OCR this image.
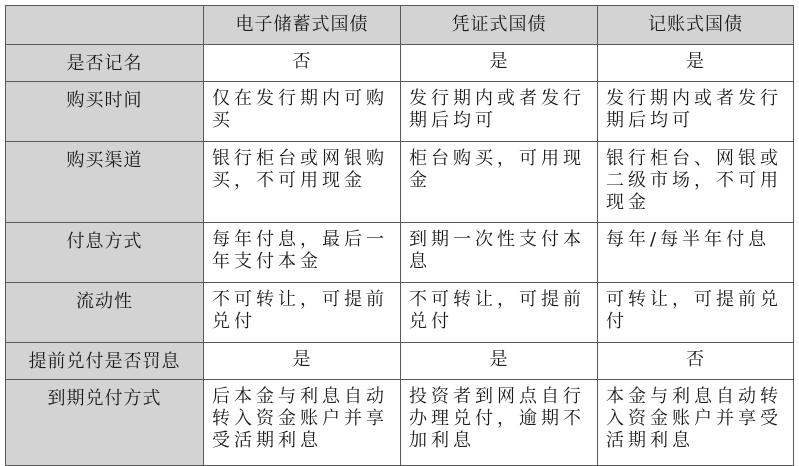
	电子储蓄式国债	凭证式国债	记账式国债
是否记名	否	是	是
购买时间	仅在发行期内可购买	发行期内或者发行期后均可	发行期内或者发行期后均可
购买渠道	银行柜台或网银购买，不可用现金	柜台购买，可用现金	银行柜台、网银或二级市场，不可用现金
付息方式	每年付息，最后一年支付本金	到期一次性支付本息	每年/每半年付息
流动性	不可转让，可提前兑付	不可转让，可提前兑付	可转让，可提前兑付
提前兑付是否罚息	是	是	否
到期兑付方式	后本金与利息自动转入资金账户并享受活期利息	投资者到网点自行办理兑付，逾期不加利息	本金与利息自动转入资金账户并享受活期利息
